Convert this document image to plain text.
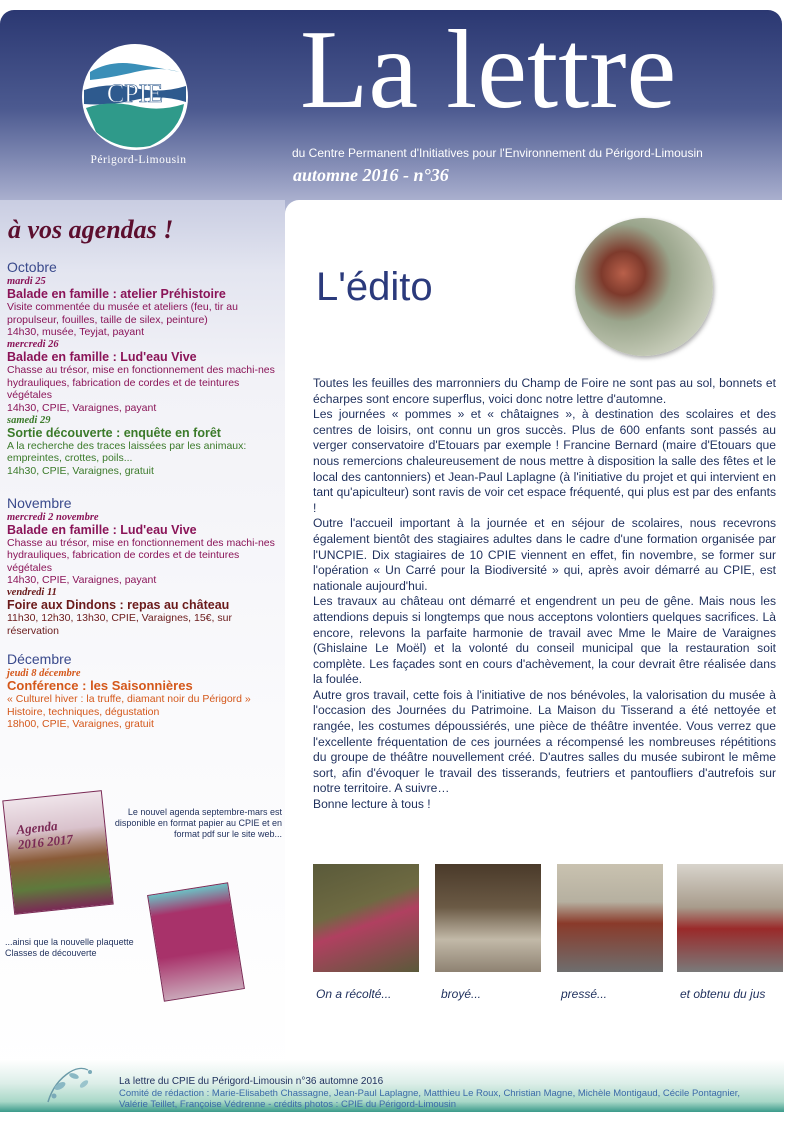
CPIE
Périgord-Limousin
La lettre
du Centre Permanent d'Initiatives pour l'Environnement du Périgord-Limousin
automne 2016 - n°36
à vos agendas !
Octobre
mardi 25
Balade en famille : atelier Préhistoire
Visite commentée du musée et ateliers (feu, tir au propulseur, fouilles, taille de silex, peinture)
14h30, musée, Teyjat, payant
mercredi 26
Balade en famille : Lud'eau Vive
Chasse au trésor, mise en fonctionnement des machi-nes hydrauliques, fabrication de cordes et de teintures végétales
14h30, CPIE, Varaignes, payant
samedi 29
Sortie découverte : enquête en forêt
A la recherche des traces laissées par les animaux: empreintes, crottes, poils...
14h30, CPIE, Varaignes, gratuit
Novembre
mercredi 2 novembre
Balade en famille : Lud'eau Vive
Chasse au trésor, mise en fonctionnement des machi-nes hydrauliques, fabrication de cordes et de teintures végétales
14h30, CPIE, Varaignes, payant
vendredi 11
Foire aux Dindons : repas au château
11h30, 12h30, 13h30, CPIE, Varaignes, 15€, sur réservation
Décembre
jeudi 8 décembre
Conférence : les Saisonnières
« Culturel hiver : la truffe, diamant noir du Périgord »
Histoire, techniques, dégustation
18h00, CPIE, Varaignes, gratuit
Agenda 2016 2017
Le nouvel agenda septembre-mars est disponible en format papier au CPIE et en format pdf sur le site web...
...ainsi que la nouvelle plaquette Classes de découverte
L'édito

Toutes les feuilles des marronniers du Champ de Foire ne sont pas au sol, bonnets et écharpes sont encore superflus, voici donc notre lettre d'automne.

Les journées « pommes » et « châtaignes », à destination des scolaires et des centres de loisirs, ont connu un gros succès. Plus de 600 enfants sont passés au verger conservatoire d'Etouars par exemple ! Francine Bernard (maire d'Etouars que nous remercions chaleureusement de nous mettre à disposition la salle des fêtes et le local des cantonniers) et Jean-Paul Laplagne (à l'initiative du projet et qui intervient en tant qu'apiculteur) sont ravis de voir cet espace fréquenté, qui plus est par des enfants !

Outre l'accueil important à la journée et en séjour de scolaires, nous recevrons également bientôt des stagiaires adultes dans le cadre d'une formation organisée par l'UNCPIE. Dix stagiaires de 10 CPIE viennent en effet, fin novembre, se former sur l'opération « Un Carré pour la Biodiversité » qui, après avoir démarré au CPIE, est nationale aujourd'hui.

Les travaux au château ont démarré et engendrent un peu de gêne. Mais nous les attendions depuis si longtemps que nous acceptons volontiers quelques sacrifices. Là encore, relevons la parfaite harmonie de travail avec Mme le Maire de Varaignes (Ghislaine Le Moël) et la volonté du conseil municipal que la restauration soit complète. Les façades sont en cours d'achèvement, la cour devrait être réalisée dans la foulée.

Autre gros travail, cette fois à l'initiative de nos bénévoles, la valorisation du musée à l'occasion des Journées du Patrimoine. La Maison du Tisserand a été nettoyée et rangée, les costumes dépoussiérés, une pièce de théâtre inventée. Vous verrez que l'excellente fréquentation de ces journées a récompensé les nombreuses répétitions du groupe de théâtre nouvellement créé. D'autres salles du musée subiront le même sort, afin d'évoquer le travail des tisserands, feutriers et pantoufliers d'autrefois sur notre territoire. A suivre…

Bonne lecture à tous !

On a récolté...	broyé...	pressé...	et obtenu du jus
La lettre du CPIE du Périgord-Limousin n°36 automne 2016
Comité de rédaction : Marie-Elisabeth Chassagne, Jean-Paul Laplagne, Matthieu Le Roux, Christian Magne, Michèle Montigaud, Cécile Pontagnier, Valérie Teillet, Françoise Védrenne - crédits photos : CPIE du Périgord-Limousin
